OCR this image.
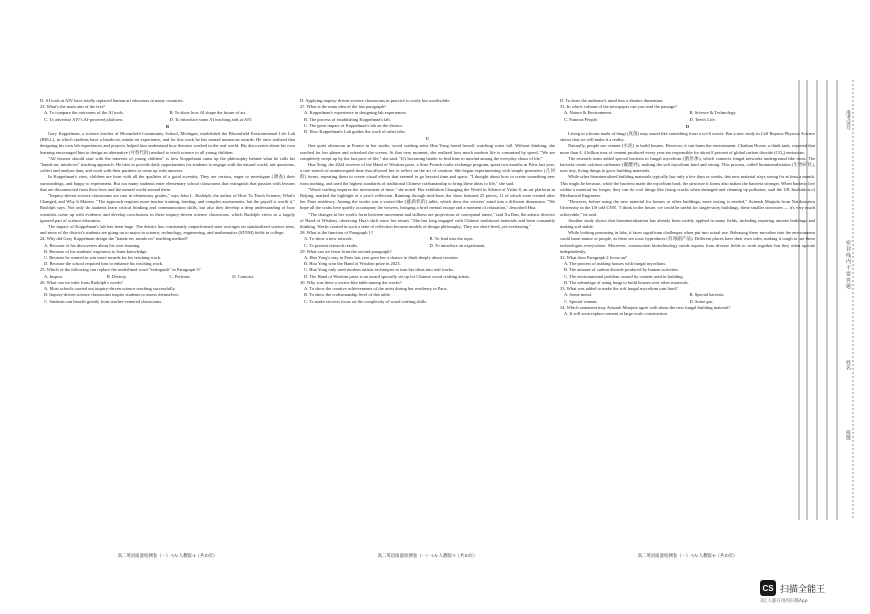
D. AI tools at AIV have totally replaced human art educators in many countries.

23. What's the main aim of the text?

A. To compare the outcomes of the AI tools.	B. To show how AI shape the future of art.
C. To advertise AIV's AI-powered platform.	D. To introduce some AI teaching aids at AIV.

B

Gary Koppelman, a science teacher of Bloomfield Community School, Michigan, established the Bloomfield Environmental Life Lab (BELL), in which students have a hands-on, minds-on experience, and for this work he has earned numerous awards. He once realized that designing his own lab experiences and projects helped him understand how theories worked in the real world. His discoveries about his own learning encouraged him to design an alternative (可替代的) method to teach science to all young children.

"All lessons should start with the interests of young children" is how Koppelman sums up the philosophy behind what he calls his "hands-on, minds-on" teaching approach. He tries to provide daily opportunities for students to engage with the natural world, ask questions, collect and analyze data, and work with their partners to come up with answers.

In Koppelman's view, children are born with all the qualities of a good scientist; They are curious, eager to investigate (调查) their surroundings, and happy to experiment. But too many students enter elementary school classrooms that extinguish that passion with lessons that are disconnected from their lives and the natural world around them.

"Inquiry-driven science classrooms are rare in elementary grades," says John L. Rudolph, the author of How To Teach Science; What's Changed, and Why It Matters. "The approach requires more teacher training, funding, and complex assessments, but the payoff is worth it," Rudolph says. Not only do students learn critical thinking and communication skills, but also they develop a deep understanding of how scientists come up with evidence and develop conclusions in these inquiry-driven science classrooms, which Rudolph views as a largely ignored part of science education.

The impact of Koppelman's lab has been huge. The district has consistently outperformed state averages on standardized science tests, and more of the district's students are going on to major in science, technology, engineering, and mathematics (STEM) fields in college.

24. Why did Gary Koppelman design the "hands-on, minds-on" teaching method?

A. Because of his discoveries about his own learning.

B. Because of his students' eagerness to learn knowledge.

C. Because he wanted to win more awards for his teaching work.

D. Because the school required him to enhance his teaching work.

25. Which of the following can replace the underlined word "extinguish" in Paragraph 3?

A. Inspire.	B. Destroy.	C. Perform.	D. Contrast.

26. What can we infer from Rudolph's words?

A. Most schools carried out inquiry-driven science teaching successfully.

B. Inquiry-driven science classrooms inspire students to assess themselves.

C. Students can benefit greatly from teacher-centered classrooms.

高二英语质量检测卷（一）-1A-人教版-4（共10页）

D. Applying inquiry-driven science classrooms in practice is costly but worthwhile.

27. What is the main idea of the last paragraph?

A. Koppelman's experience in designing lab experiences.

B. The process of establishing Koppelman's lab.

C. The great impact of Koppelman's lab on the district.

D. How Koppelman's Lab guides the work of other labs.

C

One quiet afternoon in France in her studio, wood crafting artist Hua Yong found herself watching water fall. Without thinking, she reached for her phone and refreshed the screen. At that very moment, she realized how much modern life is consumed by speed. "We are completely swept up by the fast pace of life," she said. "It's becoming harder to find time to unwind among the everyday chaos of life."

Hua Yong, the 2024 receiver of the Hand of Wisdom prize, a Sino-French crafts exchange program, spent two months in Paris last year, a rare stretch of uninterrupted time that allowed her to reflect on the art of creation. She began experimenting with simple geometric (几何的) forms, repeating them to create visual effects that seemed to go beyond time and space. "I thought about how to create something new from nothing, and used the highest standards of traditional Chinese craftsmanship to bring these ideas to life," she said.

"Wood crafting requires the investment of time," she noted. Her exhibition Changing the World in Silence at Yishu 8, an art platform in Beijing, marked the highlight of a year's reflection. Running through mid-June, the show featured 25 pieces, 11 of which were created after her Paris residency. Among the works was a vortex-like (漩涡状的) table, which drew the viewers' mind into a different dimension. "We hope all the crafts here quietly accompany the viewers, bringing a brief mental escape and a moment of relaxation," described Hua.

"The changes in her work's form between movement and stillness are projections of conceptual intent," said Xu Dan, the artistic director of Hand of Wisdom, observing Hua's shift since her return. "She has long engaged with Chinese traditional materials and been constantly thinking. Works created in such a state of reflection become models of design philosophy; They are short-lived, yet everlasting."

28. What is the function of Paragraph 1?

A. To show a new artwork.	B. To lead into the topic.
C. To present research results.	D. To introduce an experiment.

29. What can we learn from the second paragraph?

A. Hua Yong's stay in Paris last year gave her a chance to think deeply about creation.

B. Hua Yong won the Hand of Wisdom prize in 2023.

C. Hua Yong only used modern artistic techniques to turn her ideas into real works.

D. The Hand of Wisdom prize is an award specially set up for Chinese wood crafting artists.

30. Why was there a vortex-like table among the works?

A. To show the creative achievements of the artist during her residency in Paris.

B. To show the craftsmanship level of this table.

C. To make viewers focus on the complexity of wood crafting skills.

高二英语质量检测卷（一）-1A-人教版-5（共10页）

D. To draw the audience's mind into a distinct dimension.

31. In which column of the newspaper can you read the passage?

A. Nature & Environment.	B. Science & Technology.
C. Famous People.	D. Teen's Life.

D

Living in a house made of fungi (真菌) may sound like something from a sci-fi movie. But a new study in Cell Reports Physical Science shows that we will make it a reality.

Naturally, people use cement (水泥) to build houses. However, it can harm the environment. Chathan Hoose, a think tank, reported that more than 4. 4 billion tons of cement produced every year are responsible for about 8 percent of global carbon dioxide (CO₂) emissions.

The research team added special bacteria to fungal mycelium (菌丝体), which connects fungal networks underground like roots. The bacteria create calcium carbonate (碳酸钙), making the soft mycelium hard and strong. This process, called biomineralization (生物矿化), uses tiny, living things to grow building materials.

While other biomineralized building materials typically last only a few days or weeks, this new material stays strong for at least a month. This might be because, while the bacteria made the mycelium hard, the structure it forms also makes the bacteria stronger. When bacteria live within a material for longer, they can do cool things like fixing cracks when damaged and cleaning up pollution, said the UK Institution of Mechanical Engineers.

"However, before using the new material for houses or other buildings, more testing is needed," Avinash Manjula from Northeastern University in the US told CNN. "I think in the future, we could be useful for single-story buildings, these smaller structures — it's very much achievable," he said.

Another study shows that biomineralization has already been widely applied in many fields, including repairing ancient buildings and making soil stable.

While looking promising in labs, it faces significant challenges when put into actual use. Releasing these microbes into the environment could harm nature or people, as there are toxic byproducts (有毒副产品). Different places have their own rules, making it tough to use these technologies everywhere. Moreover, construction biotechnology needs experts from diverse fields to work together but they often operate independently.

32. What does Paragraph 2 focus on?

A. The process of making houses with fungal mycelium.

B. The amount of carbon dioxide produced by human activities.

C. The environmental problem caused by cement used in building.

D. The advantage of using fungi to build houses over other materials.

33. What was added to make the soft fungal mycelium turn hard?

A. Some metal.	B. Special bacteria.
C. Special cement.	D. Some gas.

34. Which statement may Avinash Manjula agree with about the new fungal building material?

A. It will soon replace cement in large-scale construction.

高二英语质量检测卷（一）-1A-人教版-6（共10页）
准考证号
密 封 线 内 不 要 答 题
姓名
班级
CS 扫描全能王
3亿人都在用的扫描App
